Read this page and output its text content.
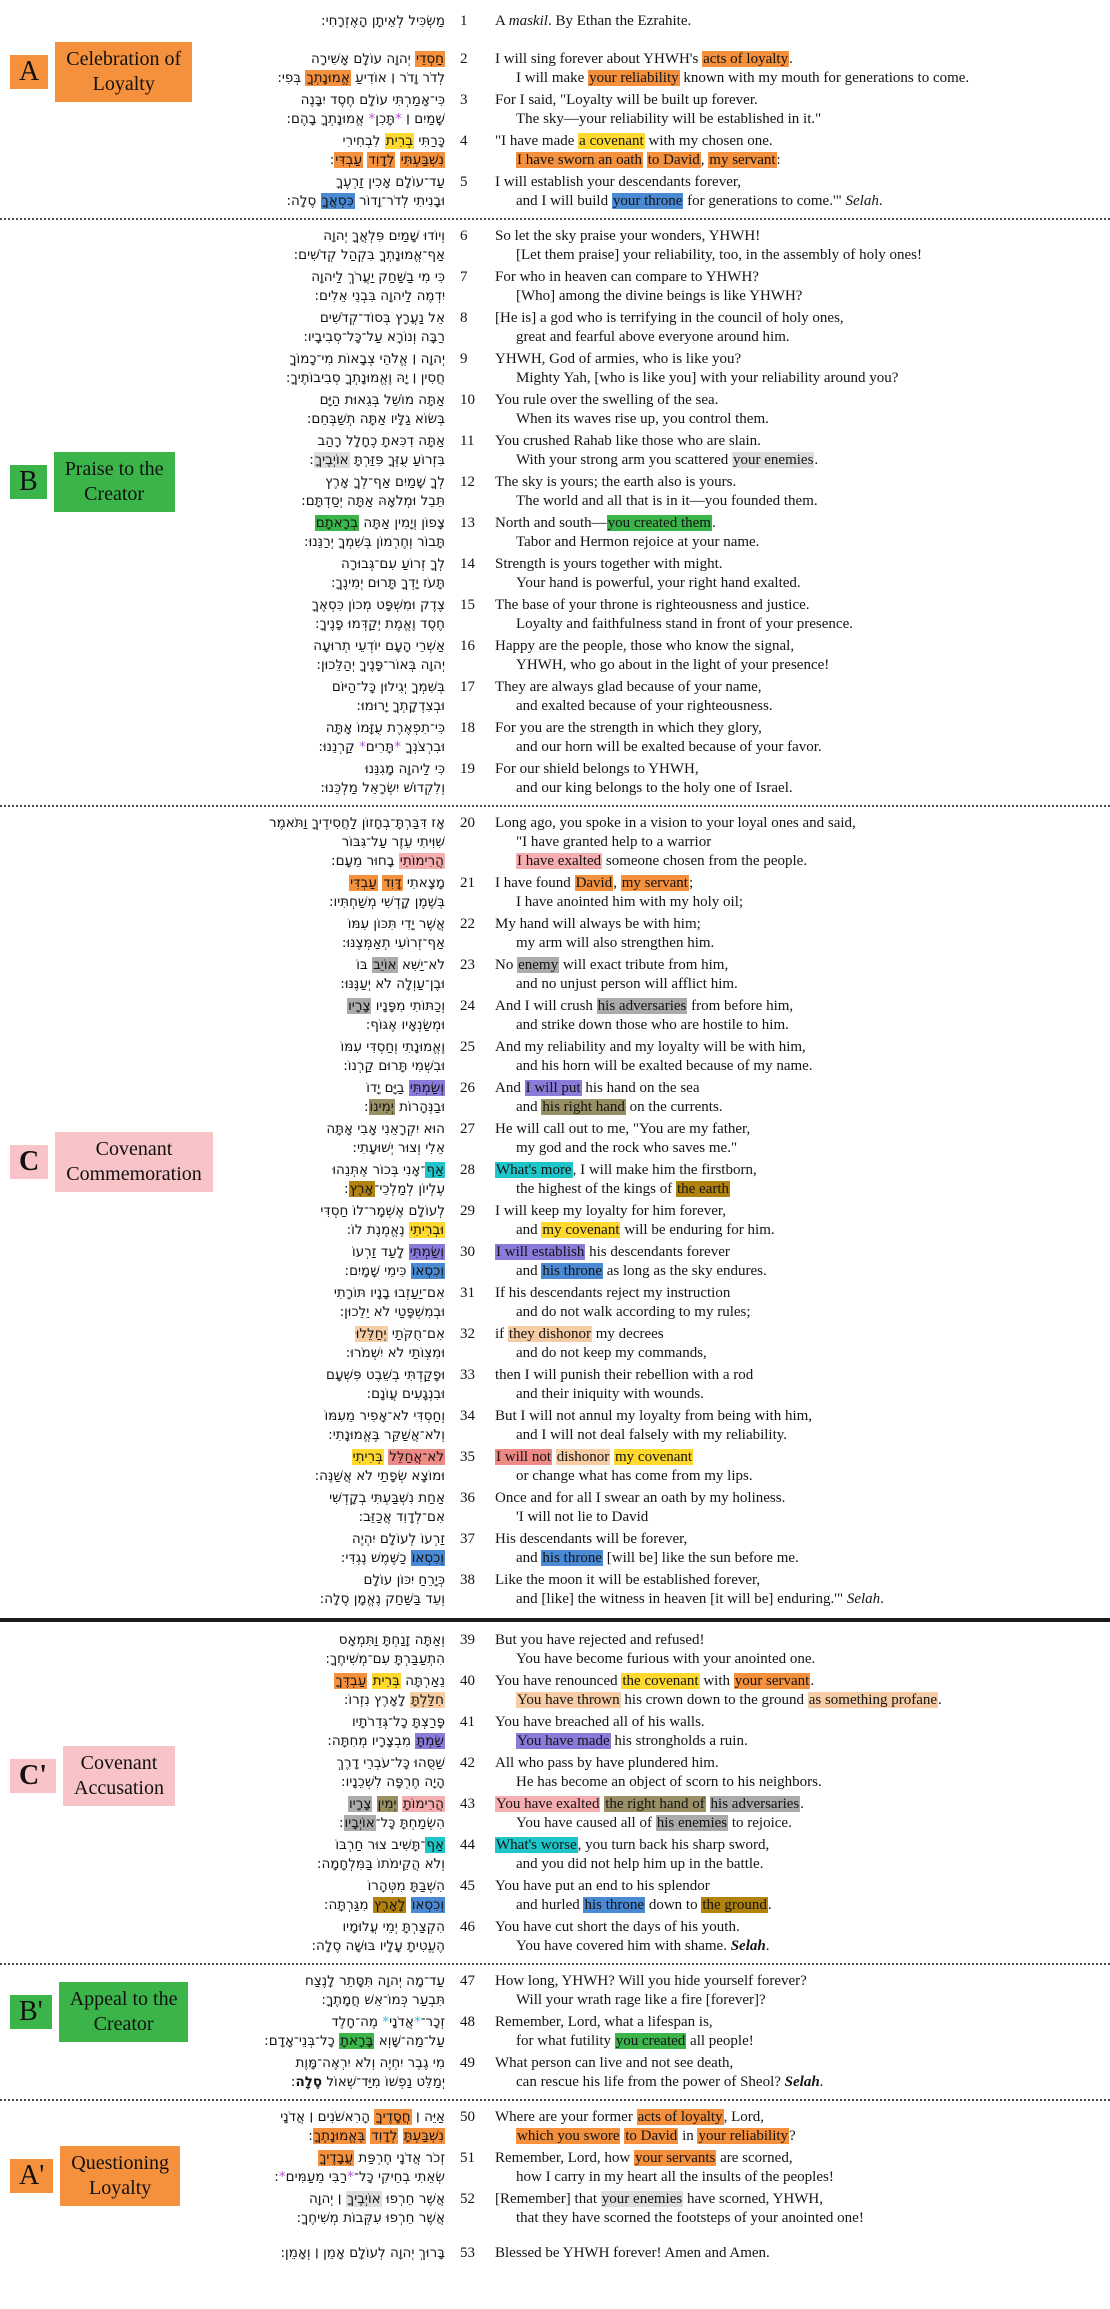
A	Celebration of
Loyalty
מַשְׂכִּיל לְאֵיתָן הָאֶזְרָחִי:	1	A maskil. By Ethan the Ezrahite.
חַסְדֵי יְהוָה עוֹלָם אָשִׁירָה
לְדֹר וָדֹר ׀ אוֹדִיעַ אֱמוּנָתְךָ בְּפִי:
2	I will sing forever about YHWH's acts of loyalty.
I will make your reliability known with my mouth for generations to come.
כִּי־אָמַרְתִּי עוֹלָם חֶסֶד יִבָּנֶה
שָׁמַיִם ׀ *תָּכִן* אֱמוּנָתְךָ בָהֶם:
3	For I said, "Loyalty will be built up forever.
The sky—your reliability will be established in it."
כָּרַתִּי בְרִית לִבְחִירִי
נִשְׁבַּעְתִּי לְדָוִד עַבְדִּי:
4	"I have made a covenant with my chosen one.
I have sworn an oath to David, my servant:
עַד־עוֹלָם אָכִין זַרְעֶךָ
וּבָנִיתִי לְדֹר־וָדוֹר כִּסְאֲךָ סֶלָה:
5	I will establish your descendants forever,
and I will build your throne for generations to come.'" Selah.
B	Praise to the
Creator
וְיוֹדוּ שָׁמַיִם פִּלְאֲךָ יְהוָה
אַף־אֱמוּנָתְךָ בִּקְהַל קְדֹשִׁים:
6	So let the sky praise your wonders, YHWH!
[Let them praise] your reliability, too, in the assembly of holy ones!
כִּי מִי בַשַּׁחַק יַעֲרֹךְ לַיהוָה
יִדְמֶה לַיהוָה בִּבְנֵי אֵלִים:
7	For who in heaven can compare to YHWH?
[Who] among the divine beings is like YHWH?
אֵל נַעֲרָץ בְּסוֹד־קְדֹשִׁים
רַבָּה וְנוֹרָא עַל־כָּל־סְבִיבָיו:
8	[He is] a god who is terrifying in the council of holy ones,
great and fearful above everyone around him.
יְהוָה ׀ אֱלֹהֵי צְבָאוֹת מִי־כָמוֹךָ
חֲסִין ׀ יָהּ וֶאֱמוּנָתְךָ סְבִיבוֹתֶיךָ:
9	YHWH, God of armies, who is like you?
Mighty Yah, [who is like you] with your reliability around you?
אַתָּה מוֹשֵׁל בְּגֵאוּת הַיָּם
בְּשׂוֹא גַלָּיו אַתָּה תְשַׁבְּחֵם:
10	You rule over the swelling of the sea.
When its waves rise up, you control them.
אַתָּה דִכִּאתָ כֶחָלָל רָהַב
בִּזְרוֹעַ עֻזְּךָ פִּזַּרְתָּ אוֹיְבֶיךָ:
11	You crushed Rahab like those who are slain.
With your strong arm you scattered your enemies.
לְךָ שָׁמַיִם אַף־לְךָ אָרֶץ
תֵּבֵל וּמְלֹאָהּ אַתָּה יְסַדְתָּם:
12	The sky is yours; the earth also is yours.
The world and all that is in it—you founded them.
צָפוֹן וְיָמִין אַתָּה בְרָאתָם
תָּבוֹר וְחֶרְמוֹן בְּשִׁמְךָ יְרַנֵּנוּ:
13	North and south—you created them.
Tabor and Hermon rejoice at your name.
לְךָ זְרוֹעַ עִם־גְּבוּרָה
תָּעֹז יָדְךָ תָּרוּם יְמִינֶךָ:
14	Strength is yours together with might.
Your hand is powerful, your right hand exalted.
צֶדֶק וּמִשְׁפָּט מְכוֹן כִּסְאֶךָ
חֶסֶד וֶאֱמֶת יְקַדְּמוּ פָנֶיךָ:
15	The base of your throne is righteousness and justice.
Loyalty and faithfulness stand in front of your presence.
אַשְׁרֵי הָעָם יוֹדְעֵי תְרוּעָה
יְהוָה בְּאוֹר־פָּנֶיךָ יְהַלֵּכוּן:
16	Happy are the people, those who know the signal,
YHWH, who go about in the light of your presence!
בְּשִׁמְךָ יְגִילוּן כָּל־הַיּוֹם
וּבְצִדְקָתְךָ יָרוּמוּ:
17	They are always glad because of your name,
and exalted because of your righteousness.
כִּי־תִפְאֶרֶת עֻזָּמוֹ אָתָּה
וּבִרְצֹנְךָ *תָּרִים* קַרְנֵנוּ:
18	For you are the strength in which they glory,
and our horn will be exalted because of your favor.
כִּי לַיהוָה מָגִנֵּנוּ
וְלִקְדוֹשׁ יִשְׂרָאֵל מַלְכֵּנוּ:
19	For our shield belongs to YHWH,
and our king belongs to the holy one of Israel.
C	Covenant
Commemoration
אָז דִּבַּרְתָּ־בְחָזוֹן לַחֲסִידֶיךָ וַתֹּאמֶר
שִׁוִּיתִי עֵזֶר עַל־גִּבּוֹר
הֲרִימוֹתִי בָחוּר מֵעָם:
20	Long ago, you spoke in a vision to your loyal ones and said,
"I have granted help to a warrior
I have exalted someone chosen from the people.
מָצָאתִי דָּוִד עַבְדִּי
בְּשֶׁמֶן קָדְשִׁי מְשַׁחְתִּיו:
21	I have found David, my servant;
I have anointed him with my holy oil;
אֲשֶׁר יָדִי תִּכּוֹן עִמּוֹ
אַף־זְרוֹעִי תְאַמְּצֶנּוּ:
22	My hand will always be with him;
my arm will also strengthen him.
לֹא־יַשִּׁא אוֹיֵב בּוֹ
וּבֶן־עַוְלָה לֹא יְעַנֶּנּוּ:
23	No enemy will exact tribute from him,
and no unjust person will afflict him.
וְכַתּוֹתִי מִפָּנָיו צָרָיו
וּמְשַׂנְאָיו אֶגּוֹף:
24	And I will crush his adversaries from before him,
and strike down those who are hostile to him.
וֶאֱמוּנָתִי וְחַסְדִּי עִמּוֹ
וּבִשְׁמִי תָּרוּם קַרְנוֹ:
25	And my reliability and my loyalty will be with him,
and his horn will be exalted because of my name.
וְשַׂמְתִּי בַיָּם יָדוֹ
וּבַנְּהָרוֹת יְמִינוֹ:
26	And I will put his hand on the sea
and his right hand on the currents.
הוּא יִקְרָאֵנִי אָבִי אָתָּה
אֵלִי וְצוּר יְשׁוּעָתִי:
27	He will call out to me, "You are my father,
my god and the rock who saves me."
אַף־אָנִי בְּכוֹר אֶתְּנֵהוּ
עֶלְיוֹן לְמַלְכֵי־אָרֶץ:
28	What's more, I will make him the firstborn,
the highest of the kings of the earth
לְעוֹלָם אֶשְׁמָר־לוֹ חַסְדִּי
וּבְרִיתִי נֶאֱמֶנֶת לוֹ:
29	I will keep my loyalty for him forever,
and my covenant will be enduring for him.
וְשַׂמְתִּי לָעַד זַרְעוֹ
וְכִסְאוֹ כִּימֵי שָׁמָיִם:
30	I will establish his descendants forever
and his throne as long as the sky endures.
אִם־יַעַזְבוּ בָנָיו תּוֹרָתִי
וּבְמִשְׁפָּטַי לֹא יֵלֵכוּן:
31	If his descendants reject my instruction
and do not walk according to my rules;
אִם־חֻקֹּתַי יְחַלֵּלוּ
וּמִצְוֹתַי לֹא יִשְׁמֹרוּ:
32	if they dishonor my decrees
and do not keep my commands,
וּפָקַדְתִּי בְשֵׁבֶט פִּשְׁעָם
וּבִנְגָעִים עֲוֹנָם:
33	then I will punish their rebellion with a rod
and their iniquity with wounds.
וְחַסְדִּי לֹא־אָפִיר מֵעִמּוֹ
וְלֹא־אֲשַׁקֵּר בֶּאֱמוּנָתִי:
34	But I will not annul my loyalty from being with him,
and I will not deal falsely with my reliability.
לֹא־אֲחַלֵּל בְּרִיתִי
וּמוֹצָא שְׂפָתַי לֹא אֲשַׁנֶּה:
35	I will not dishonor my covenant
or change what has come from my lips.
אַחַת נִשְׁבַּעְתִּי בְקָדְשִׁי
אִם־לְדָוִד אֲכַזֵּב:
36	Once and for all I swear an oath by my holiness.
'I will not lie to David
זַרְעוֹ לְעוֹלָם יִהְיֶה
וְכִסְאוֹ כַשֶּׁמֶשׁ נֶגְדִּי:
37	His descendants will be forever,
and his throne [will be] like the sun before me.
כְּיָרֵחַ יִכּוֹן עוֹלָם
וְעֵד בַּשַּׁחַק נֶאֱמָן סֶלָה:
38	Like the moon it will be established forever,
and [like] the witness in heaven [it will be] enduring.'" Selah.
C'	Covenant
Accusation
וְאַתָּה זָנַחְתָּ וַתִּמְאָס
הִתְעַבַּרְתָּ עִם־מְשִׁיחֶךָ:
39	But you have rejected and refused!
You have become furious with your anointed one.
נֵאַרְתָּה בְּרִית עַבְדֶּךָ
חִלַּלְתָּ לָאָרֶץ נִזְרוֹ:
40	You have renounced the covenant with your servant.
You have thrown his crown down to the ground as something profane.
פָּרַצְתָּ כָל־גְּדֵרֹתָיו
שַׂמְתָּ מִבְצָרָיו מְחִתָּה:
41	You have breached all of his walls.
You have made his strongholds a ruin.
שַׁסֻּהוּ כָּל־עֹבְרֵי דָרֶךְ
הָיָה חֶרְפָּה לִשְׁכֵנָיו:
42	All who pass by have plundered him.
He has become an object of scorn to his neighbors.
הֲרִימוֹתָ יְמִין צָרָיו
הִשְׂמַחְתָּ כָּל־אוֹיְבָיו:
43	You have exalted the right hand of his adversaries.
You have caused all of his enemies to rejoice.
אַף־תָּשִׁיב צוּר חַרְבּוֹ
וְלֹא הֲקֵימֹתוֹ בַּמִּלְחָמָה:
44	What's worse, you turn back his sharp sword,
and you did not help him up in the battle.
הִשְׁבַּתָּ מִטְּהָרוֹ
וְכִסְאוֹ לָאָרֶץ מִגַּרְתָּה:
45	You have put an end to his splendor
and hurled his throne down to the ground.
הִקְצַרְתָּ יְמֵי עֲלוּמָיו
הֶעֱטִיתָ עָלָיו בּוּשָׁה סֶלָה:
46	You have cut short the days of his youth.
You have covered him with shame. Selah.
B'	Appeal to the
Creator
עַד־מָה יְהוָה תִּסָּתֵר לָנֶצַח
תִּבְעַר כְּמוֹ־אֵשׁ חֲמָתֶךָ:
47	How long, YHWH? Will you hide yourself forever?
Will your wrath rage like a fire [forever]?
זְכָר־*אֲדֹנָי* מֶה־חָלֶד
עַל־מַה־שָּׁוְא בָּרָאתָ כָל־בְּנֵי־אָדָם:
48	Remember, Lord, what a lifespan is,
for what futility you created all people!
מִי גֶבֶר יִחְיֶה וְלֹא יִרְאֶה־מָּוֶת
יְמַלֵּט נַפְשׁוֹ מִיַּד־שְׁאוֹל סֶלָה:
49	What person can live and not see death,
can rescue his life from the power of Sheol? Selah.
A'	Questioning
Loyalty
אַיֵּה ׀ חֲסָדֶיךָ הָרִאשֹׁנִים ׀ אֲדֹנָי
נִשְׁבַּעְתָּ לְדָוִד בֶּאֱמוּנָתֶךָ:
50	Where are your former acts of loyalty, Lord,
which you swore to David in your reliability?
זְכֹר אֲדֹנָי חֶרְפַּת עֲבָדֶיךָ
שְׂאֵתִי בְחֵיקִי כָּל־*רַבִּי מֵעַמִּים*:
51	Remember, Lord, how your servants are scorned,
how I carry in my heart all the insults of the peoples!
אֲשֶׁר חֵרְפוּ אוֹיְבֶיךָ ׀ יְהוָה
אֲשֶׁר חֵרְפוּ עִקְּבוֹת מְשִׁיחֶךָ:
52	[Remember] that your enemies have scorned, YHWH,
that they have scorned the footsteps of your anointed one!
בָּרוּךְ יְהוָה לְעוֹלָם אָמֵן ׀ וְאָמֵן:	53	Blessed be YHWH forever! Amen and Amen.
